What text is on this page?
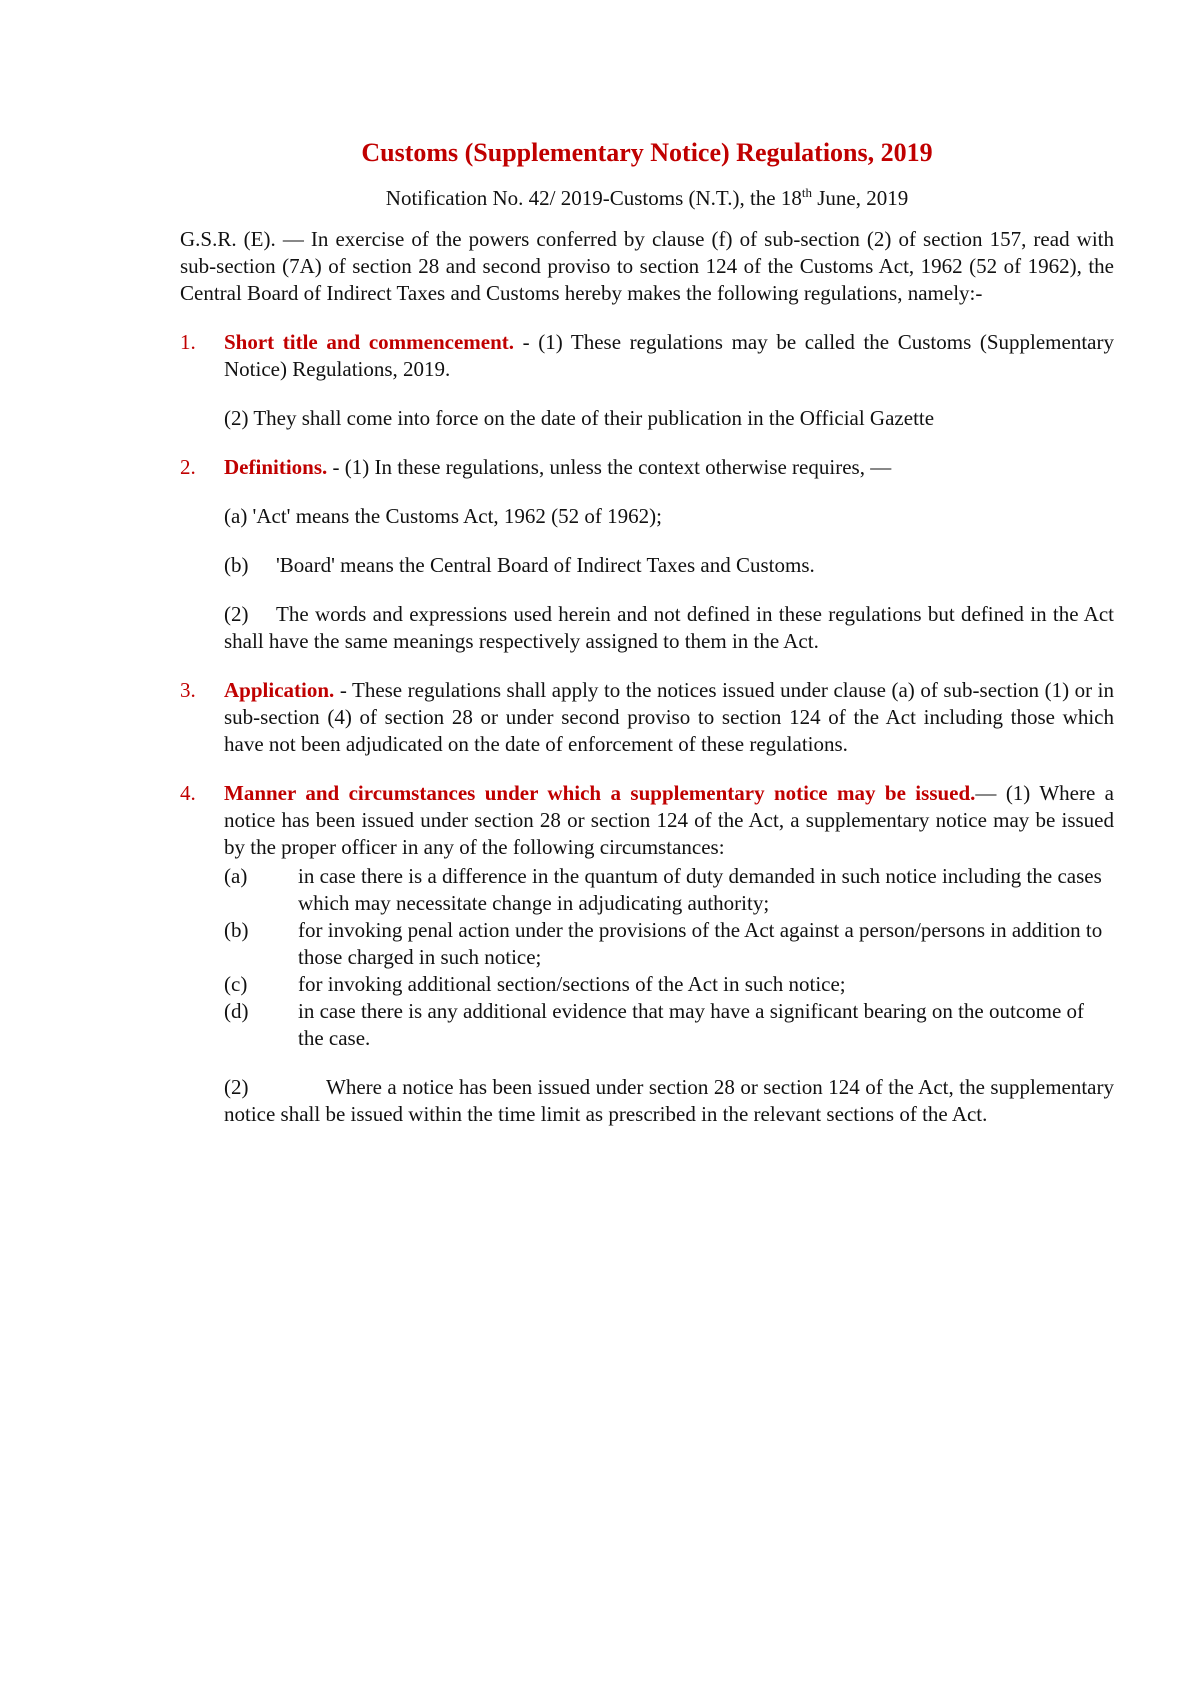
Customs (Supplementary Notice) Regulations, 2019

Notification No. 42/ 2019-Customs (N.T.), the 18th June, 2019

G.S.R. (E). — In exercise of the powers conferred by clause (f) of sub-section (2) of section 157, read with sub-section (7A) of section 28 and second proviso to section 124 of the Customs Act, 1962 (52 of 1962), the Central Board of Indirect Taxes and Customs hereby makes the following regulations, namely:-

1.	Short title and commencement. - (1) These regulations may be called the Customs (Supplementary Notice) Regulations, 2019.

(2) They shall come into force on the date of their publication in the Official Gazette

2.	Definitions. - (1) In these regulations, unless the context otherwise requires, —

(a) 'Act' means the Customs Act, 1962 (52 of 1962);

(b) 'Board' means the Central Board of Indirect Taxes and Customs.

(2) The words and expressions used herein and not defined in these regulations but defined in the Act shall have the same meanings respectively assigned to them in the Act.

3.	Application. - These regulations shall apply to the notices issued under clause (a) of sub-section (1) or in sub-section (4) of section 28 or under second proviso to section 124 of the Act including those which have not been adjudicated on the date of enforcement of these regulations.

4.	Manner and circumstances under which a supplementary notice may be issued.— (1) Where a notice has been issued under section 28 or section 124 of the Act, a supplementary notice may be issued by the proper officer in any of the following circumstances:

(a)	in case there is a difference in the quantum of duty demanded in such notice including the cases which may necessitate change in adjudicating authority;
(b)	for invoking penal action under the provisions of the Act against a person/persons in addition to those charged in such notice;
(c)	for invoking additional section/sections of the Act in such notice;
(d)	in case there is any additional evidence that may have a significant bearing on the outcome of the case.

(2)	Where a notice has been issued under section 28 or section 124 of the Act, the supplementary notice shall be issued within the time limit as prescribed in the relevant sections of the Act.
